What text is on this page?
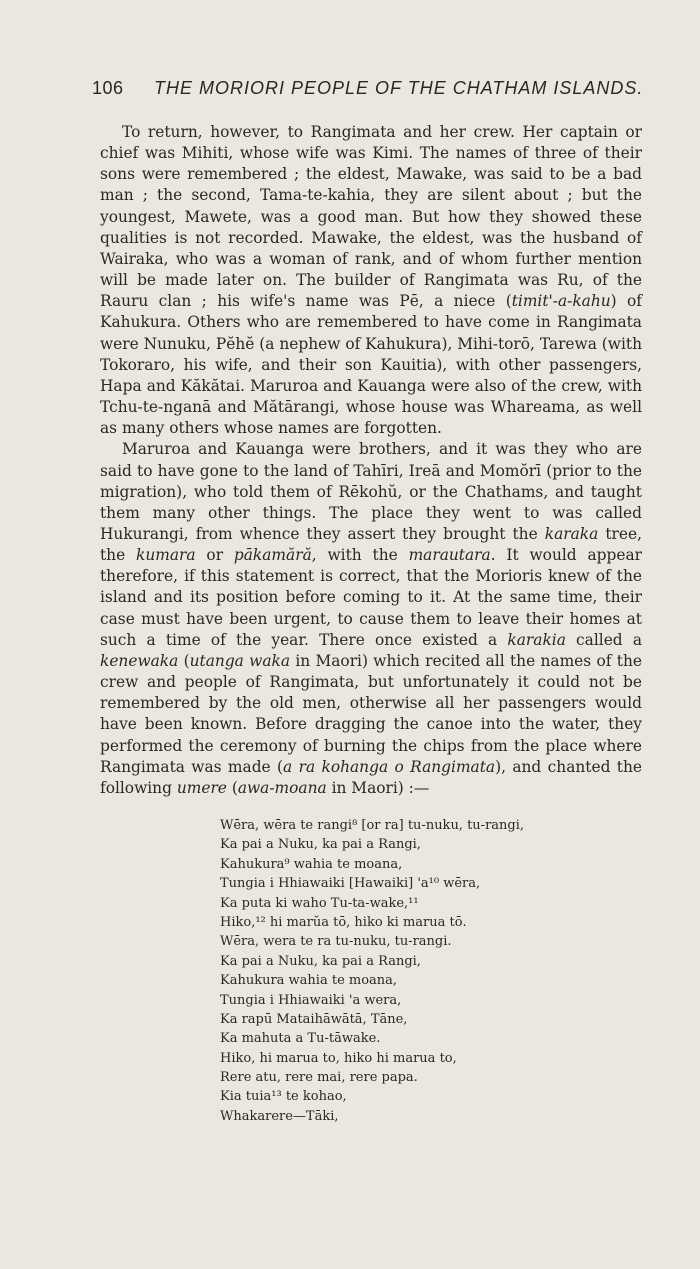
106 THE MORIORI PEOPLE OF THE CHATHAM ISLANDS.

To return, however, to Rangimata and her crew. Her captain or chief was Mihiti, whose wife was Kimi. The names of three of their sons were remembered ; the eldest, Mawake, was said to be a bad man ; the second, Tama-te-kahia, they are silent about ; but the youngest, Mawete, was a good man. But how they showed these qualities is not recorded. Mawake, the eldest, was the husband of Wairaka, who was a woman of rank, and of whom further mention will be made later on. The builder of Rangimata was Ru, of the Rauru clan ; his wife's name was Pē, a niece (timit'-a-kahu) of Kahukura. Others who are remembered to have come in Rangimata were Nunuku, Pĕhĕ (a nephew of Kahukura), Mihi-torō, Tarewa (with Tokoraro, his wife, and their son Kauitia), with other passengers, Hapa and Kăkătai. Maruroa and Kauanga were also of the crew, with Tchu-te-nganā and Mătārangi, whose house was Whareama, as well as many others whose names are forgotten.

Maruroa and Kauanga were brothers, and it was they who are said to have gone to the land of Tahīri, Ireā and Momŏrī (prior to the migration), who told them of Rēkohŭ, or the Chathams, and taught them many other things. The place they went to was called Hukurangi, from whence they assert they brought the karaka tree, the kumara or pākamără, with the marautara. It would appear therefore, if this statement is correct, that the Morioris knew of the island and its position before coming to it. At the same time, their case must have been urgent, to cause them to leave their homes at such a time of the year. There once existed a karakia called a kenewaka (utanga waka in Maori) which recited all the names of the crew and people of Rangimata, but unfortunately it could not be remembered by the old men, otherwise all her passengers would have been known. Before dragging the canoe into the water, they performed the ceremony of burning the chips from the place where Rangimata was made (a ra kohanga o Rangimata), and chanted the following umere (awa-moana in Maori) :—

Wēra, wēra te rangi⁸ [or ra] tu-nuku, tu-rangi,
Ka pai a Nuku, ka pai a Rangi,
Kahukura⁹ wahia te moana,
Tungia i Hhiawaiki [Hawaiki] 'a¹⁰ wēra,
Ka puta ki waho Tu-ta-wake,¹¹
Hiko,¹² hi marŭa tō, hiko ki marua tō.
Wēra, wera te ra tu-nuku, tu-rangi.
Ka pai a Nuku, ka pai a Rangi,
Kahukura wahia te moana,
Tungia i Hhiawaiki 'a wera,
Ka rapū Mataihāwātā, Tāne,
Ka mahuta a Tu-tāwake.
Hiko, hi marua to, hiko hi marua to,
Rere atu, rere mai, rere papa.
Kia tuia¹³ te kohao,
Whakarere—Tāki,
